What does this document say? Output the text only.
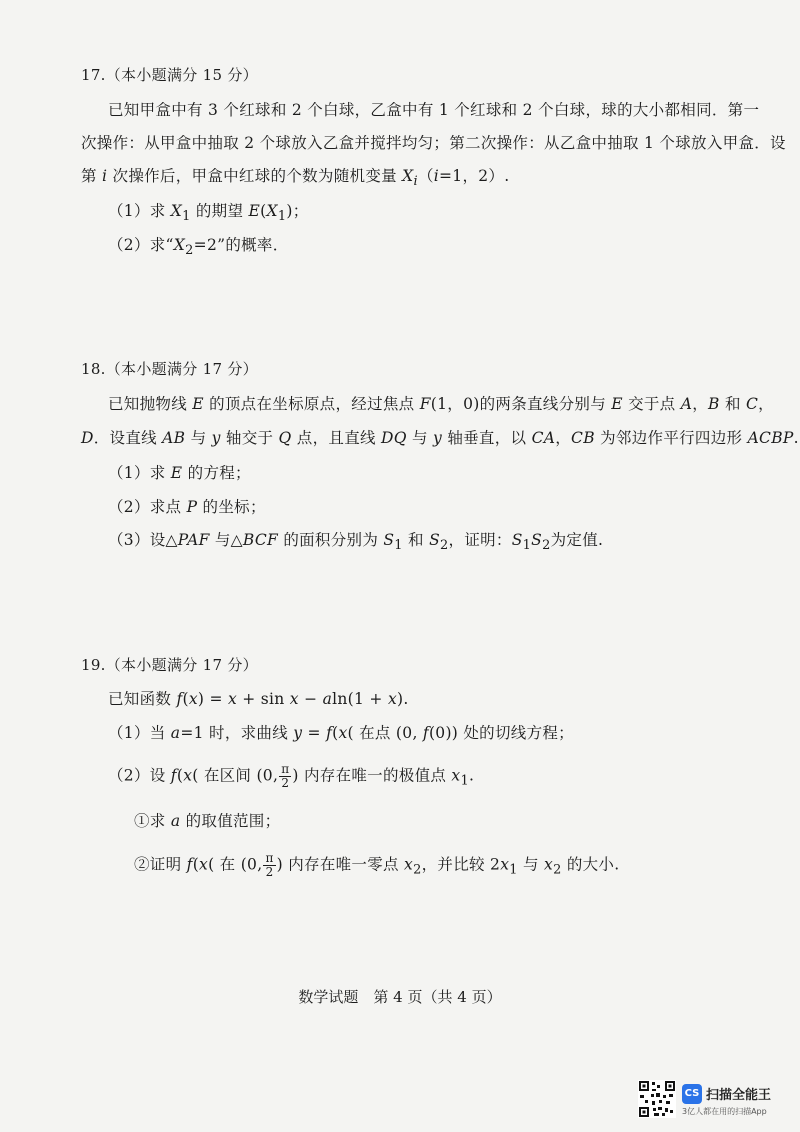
17.（本小题满分 15 分）
已知甲盒中有 3 个红球和 2 个白球，乙盒中有 1 个红球和 2 个白球，球的大小都相同．第一
次操作：从甲盒中抽取 2 个球放入乙盒并搅拌均匀；第二次操作：从乙盒中抽取 1 个球放入甲盒．设
第 i 次操作后，甲盒中红球的个数为随机变量 $X_i(i=1$，2）.
（1）求 $X_1$ 的期望 $E(X_1)$；
（2）求“$X_2=2$”的概率．
18.（本小题满分 17 分）
已知抛物线 E 的顶点在坐标原点，经过焦点 F(1，0)的两条直线分别与 E 交于点 A，B 和 C，
D．设直线 AB 与 y 轴交于 Q 点，且直线 DQ 与 y 轴垂直，以 CA，CB 为邻边作平行四边形 ACBP.
（1）求 E 的方程；
（2）求点 P 的坐标；
（3）设△PAF 与△BCF 的面积分别为 $S_1$ 和 $S_2$，证明：$S_1S_2$为定值.
19.（本小题满分 17 分）
已知函数 f(x) = x + sin x − aln(1 + x).
（1）当 a=1 时，求曲线 y = f(x( 在点 (0, f(0)) 处的切线方程；
（2）设 f(x( 在区间 (0, $\frac{\pi}{2}$ ) 内存在唯一的极值点 $x_1$.
①求 a 的取值范围；
②证明 f(x( 在 (0, $\frac{\pi}{2}$ ) 内存在唯一零点 $x_2$，并比较 $2x_1$ 与 $x_2$ 的大小.
数学试题　第 4 页（共 4 页）
CS 扫描全能王
3亿人都在用的扫描App
